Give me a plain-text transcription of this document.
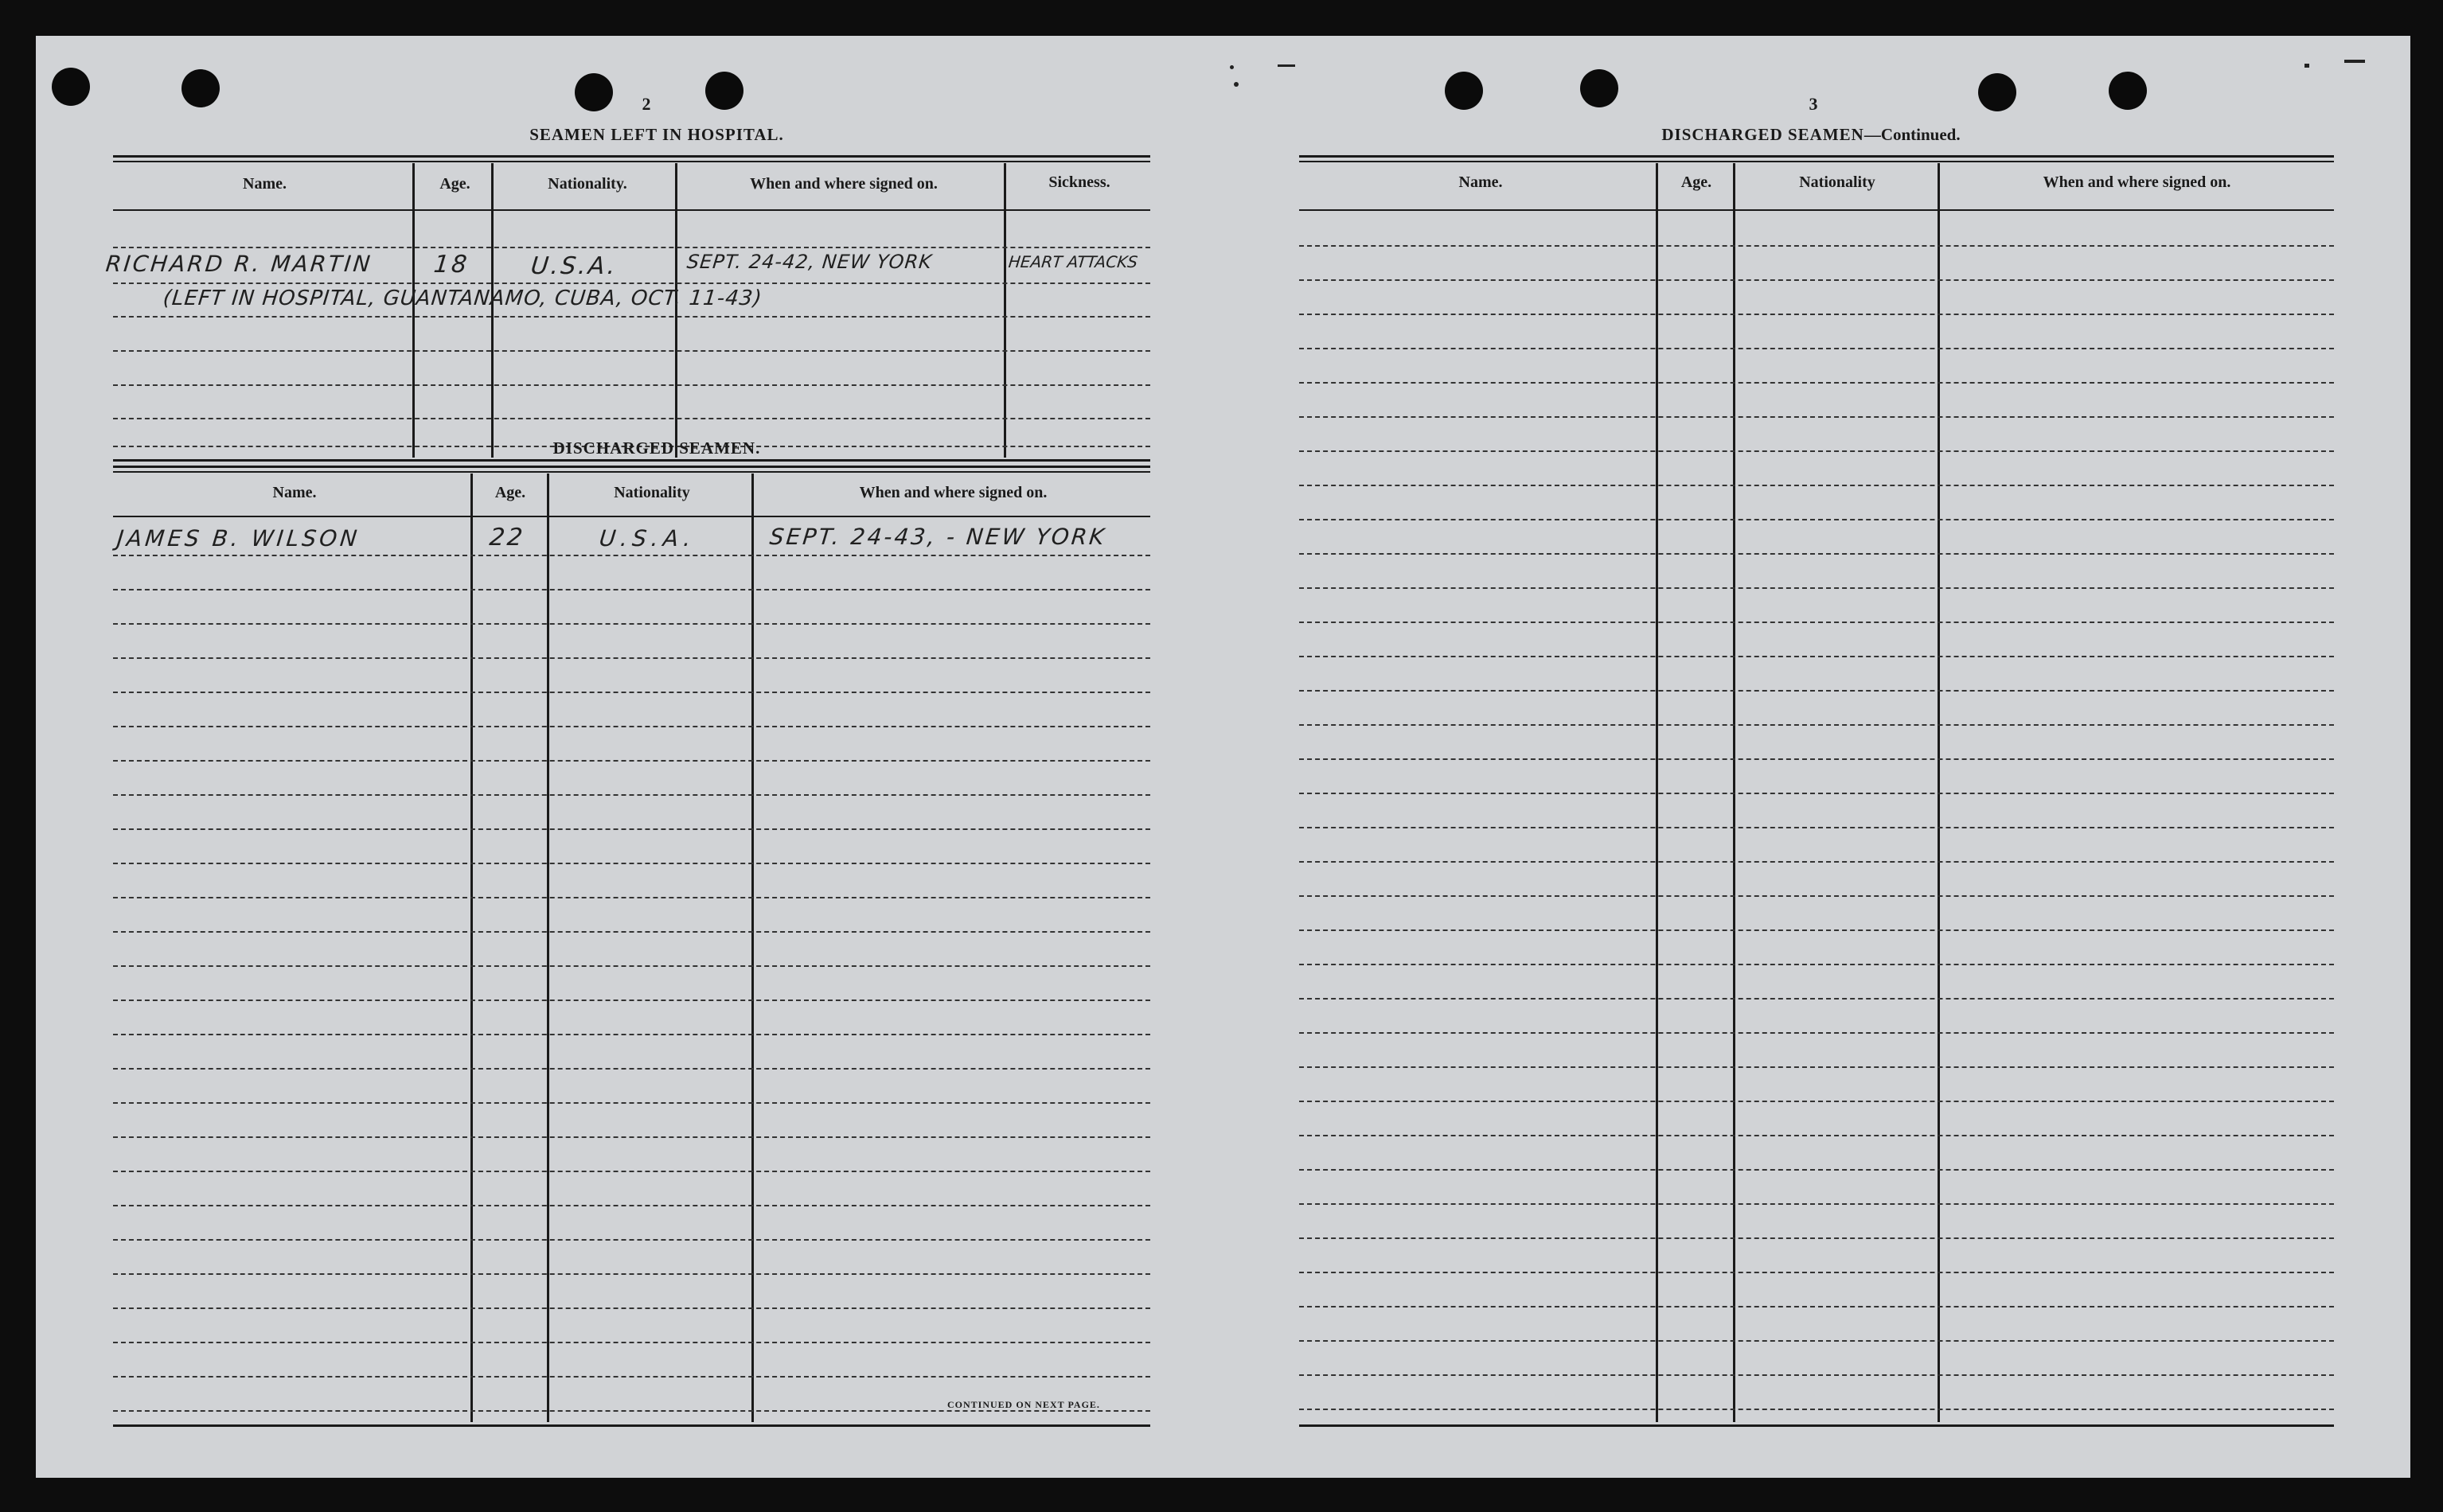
2
SEAMEN LEFT IN HOSPITAL.
Name.	Age.	Nationality.	When and where signed on.	Sickness.
RICHARD R. MARTIN 18 U.S.A.	SEPT. 24-42, NEW YORK	HEART ATTACKS
(LEFT IN HOSPITAL, GUANTANAMO, CUBA, OCT. 11-43)
DISCHARGED SEAMEN.
Name.	Age.	Nationality	When and where signed on.
JAMES B. WILSON	22	U.S.A.	SEPT. 24-43, - NEW YORK
CONTINUED ON NEXT PAGE.
3
DISCHARGED SEAMEN—Continued.
Name.	Age.	Nationality	When and where signed on.
